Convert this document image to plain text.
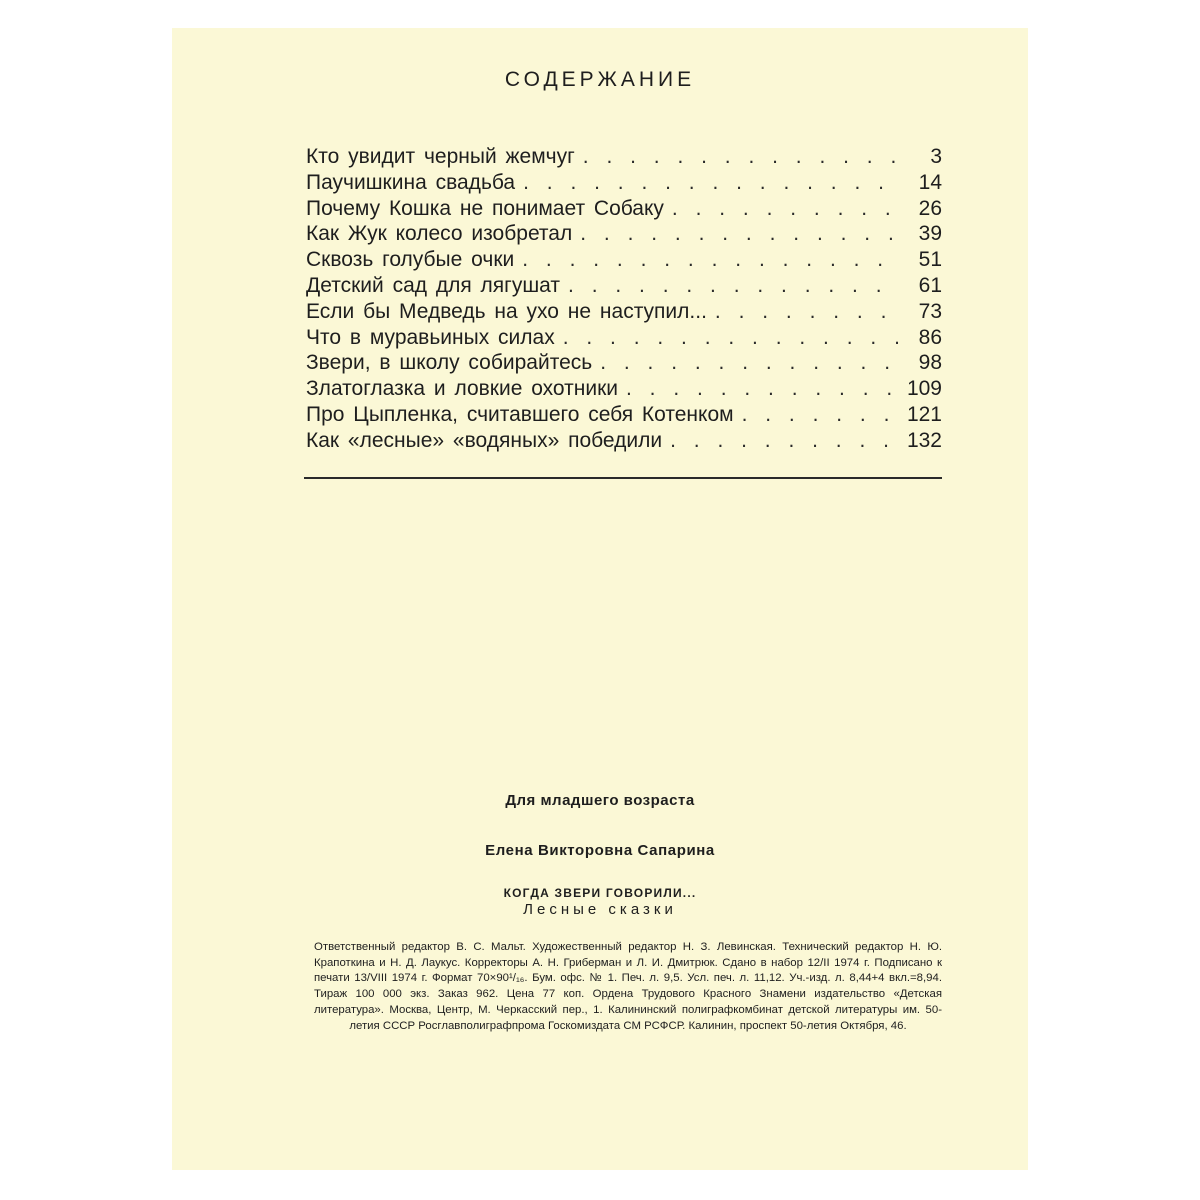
СОДЕРЖАНИЕ
Кто увидит черный жемчуг . . .	3
Паучишкина свадьба . . .	14
Почему Кошка не понимает Собаку . . .	26
Как Жук колесо изобретал . . .	39
Сквозь голубые очки . . .	51
Детский сад для лягушат . . .	61
Если бы Медведь на ухо не наступил... . . .	73
Что в муравьиных силах . . .	86
Звери, в школу собирайтесь . . .	98
Златоглазка и ловкие охотники . . .	109
Про Цыпленка, считавшего себя Котенком . . .	121
Как «лесные» «водяных» победили . . .	132
Для младшего возраста
Елена Викторовна Сапарина
КОГДА ЗВЕРИ ГОВОРИЛИ...
Лесные сказки
Ответственный редактор В. С. Мальт. Художественный редактор Н. З. Левинская. Технический редактор Н. Ю. Крапоткина и Н. Д. Лаукус. Корректоры А. Н. Гриберман и Л. И. Дмитрюк. Сдано в набор 12/II 1974 г. Подписано к печати 13/VIII 1974 г. Формат 70×90¹/₁₆. Бум. офс. № 1. Печ. л. 9,5. Усл. печ. л. 11,12. Уч.-изд. л. 8,44+4 вкл.=8,94. Тираж 100 000 экз. Заказ 962. Цена 77 коп. Ордена Трудового Красного Знамени издательство «Детская литература». Москва, Центр, М. Черкасский пер., 1. Калининский полиграфкомбинат детской литературы им. 50-летия СССР Росглавполиграфпрома Госкомиздата СМ РСФСР. Калинин, проспект 50-летия Октября, 46.
